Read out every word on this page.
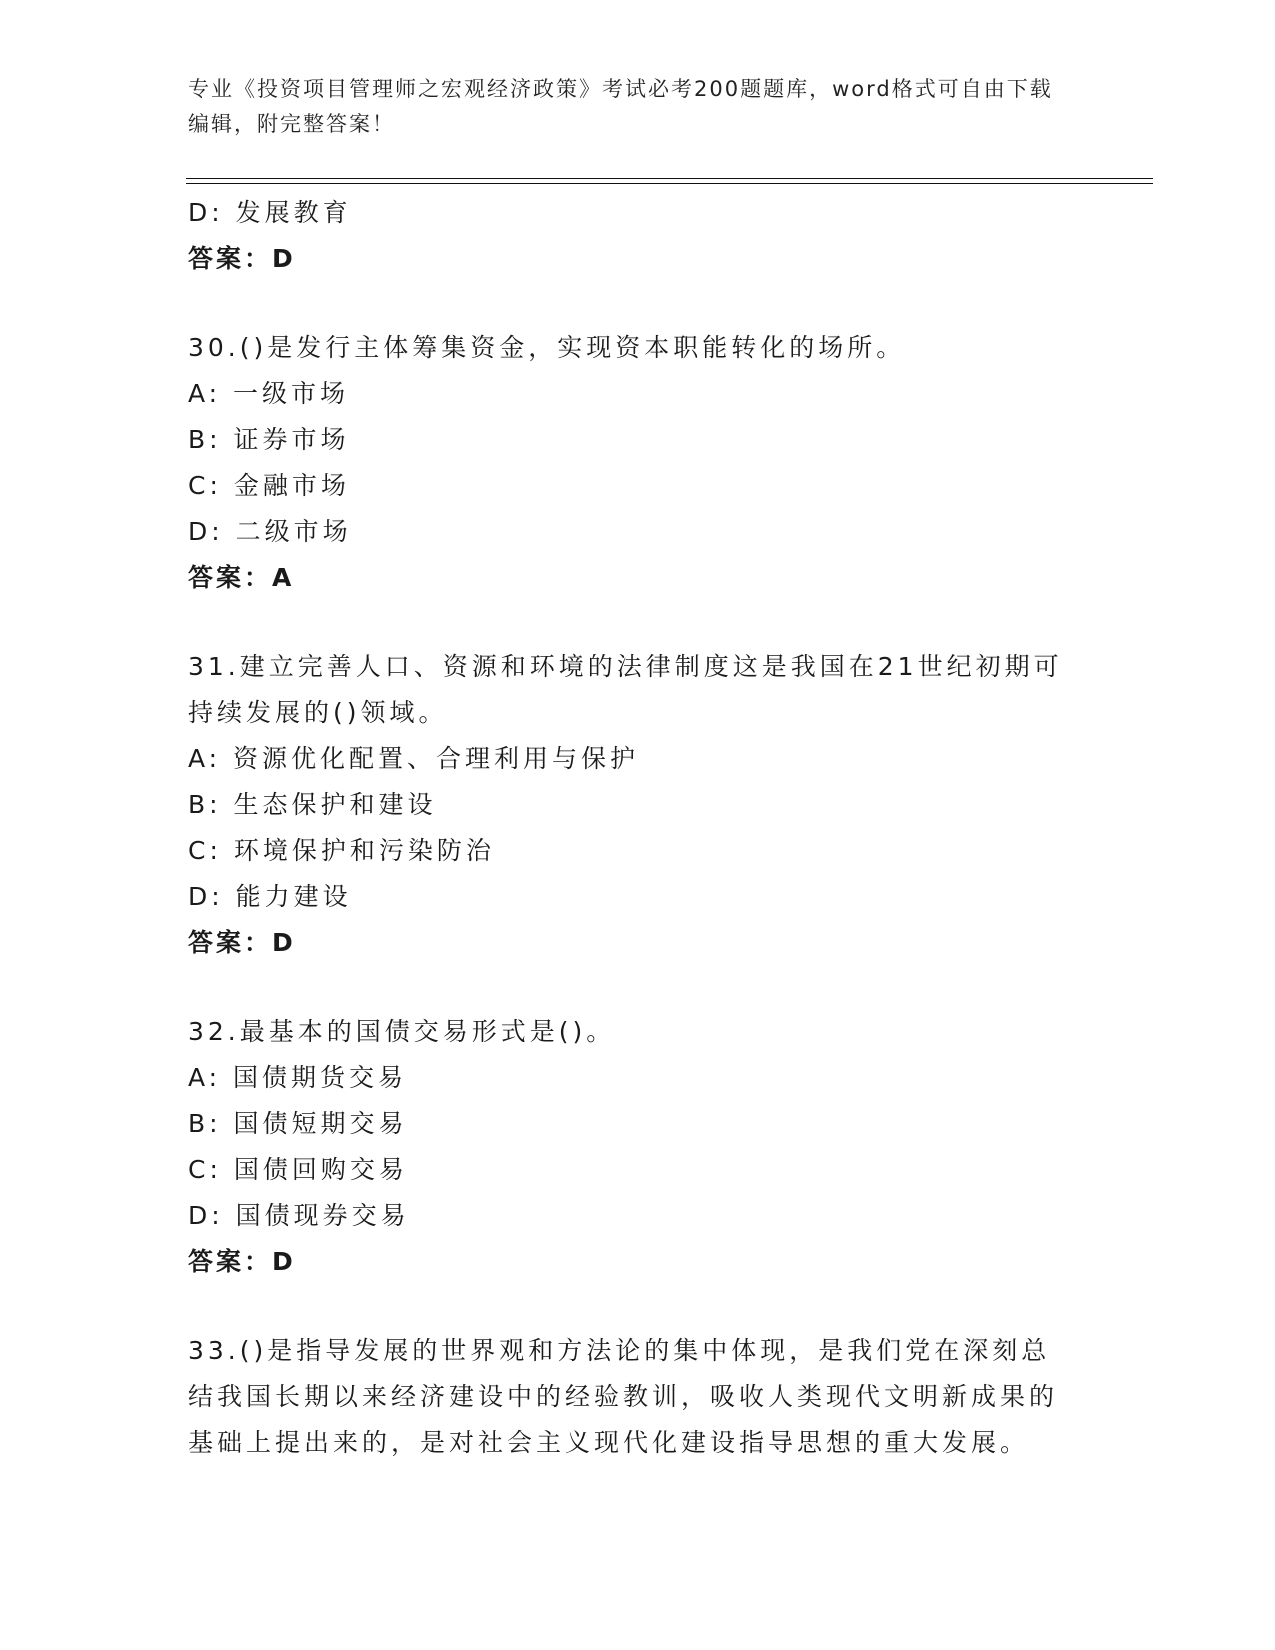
专业《投资项目管理师之宏观经济政策》考试必考200题题库，word格式可自由下载编辑，附完整答案！
D: 发展教育
答案：D
30.()是发行主体筹集资金，实现资本职能转化的场所。
A: 一级市场
B: 证券市场
C: 金融市场
D: 二级市场
答案：A
31.建立完善人口、资源和环境的法律制度这是我国在21世纪初期可持续发展的()领域。
A: 资源优化配置、合理利用与保护
B: 生态保护和建设
C: 环境保护和污染防治
D: 能力建设
答案：D
32.最基本的国债交易形式是()。
A: 国债期货交易
B: 国债短期交易
C: 国债回购交易
D: 国债现券交易
答案：D
33.()是指导发展的世界观和方法论的集中体现，是我们党在深刻总结我国长期以来经济建设中的经验教训，吸收人类现代文明新成果的基础上提出来的，是对社会主义现代化建设指导思想的重大发展。
